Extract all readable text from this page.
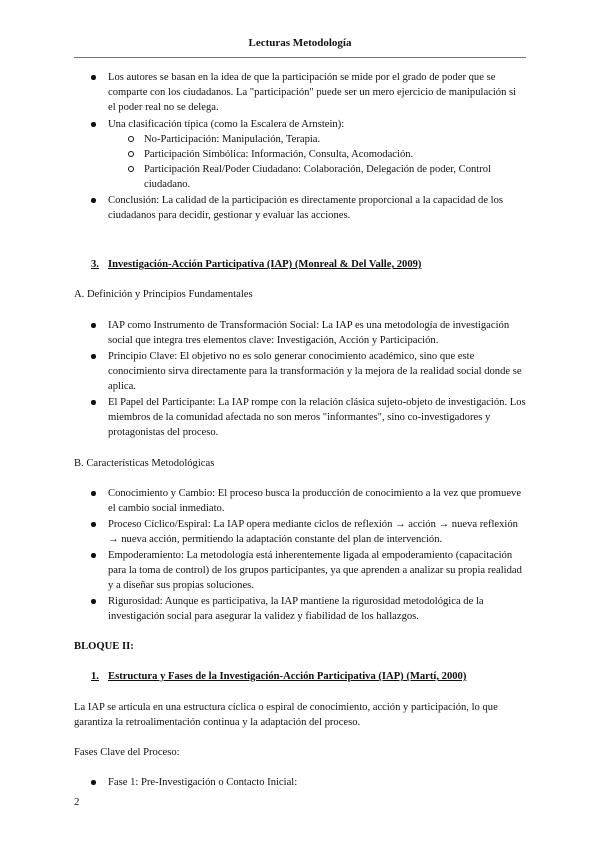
Lecturas Metodología
Los autores se basan en la idea de que la participación se mide por el grado de poder que se comparte con los ciudadanos. La "participación" puede ser un mero ejercicio de manipulación si el poder real no se delega.
Una clasificación típica (como la Escalera de Arnstein):
No-Participación: Manipulación, Terapia.
Participación Simbólica: Información, Consulta, Acomodación.
Participación Real/Poder Ciudadano: Colaboración, Delegación de poder, Control ciudadano.
Conclusión: La calidad de la participación es directamente proporcional a la capacidad de los ciudadanos para decidir, gestionar y evaluar las acciones.
3. Investigación-Acción Participativa (IAP) (Monreal & Del Valle, 2009)

A. Definición y Principios Fundamentales

IAP como Instrumento de Transformación Social: La IAP es una metodología de investigación social que integra tres elementos clave: Investigación, Acción y Participación.
Principio Clave: El objetivo no es solo generar conocimiento académico, sino que este conocimiento sirva directamente para la transformación y la mejora de la realidad social donde se aplica.
El Papel del Participante: La IAP rompe con la relación clásica sujeto-objeto de investigación. Los miembros de la comunidad afectada no son meros "informantes", sino co-investigadores y protagonistas del proceso.

B. Características Metodológicas

Conocimiento y Cambio: El proceso busca la producción de conocimiento a la vez que promueve el cambio social inmediato.
Proceso Cíclico/Espiral: La IAP opera mediante ciclos de reflexión → acción → nueva reflexión → nueva acción, permitiendo la adaptación constante del plan de intervención.
Empoderamiento: La metodología está inherentemente ligada al empoderamiento (capacitación para la toma de control) de los grupos participantes, ya que aprenden a analizar su propia realidad y a diseñar sus propias soluciones.
Rigurosidad: Aunque es participativa, la IAP mantiene la rigurosidad metodológica de la investigación social para asegurar la validez y fiabilidad de los hallazgos.

BLOQUE II:

1. Estructura y Fases de la Investigación-Acción Participativa (IAP) (Martí, 2000)

La IAP se articula en una estructura cíclica o espiral de conocimiento, acción y participación, lo que garantiza la retroalimentación continua y la adaptación del proceso.

Fases Clave del Proceso:

Fase 1: Pre-Investigación o Contacto Inicial:
2
